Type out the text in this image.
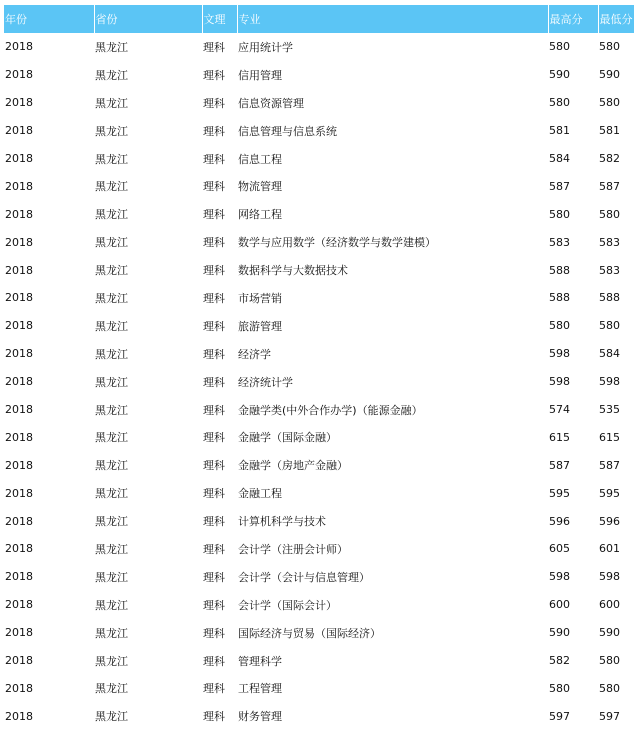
年份	省份	文理	专业	最高分	最低分
2018	黑龙江	理科	应用统计学	580	580
2018	黑龙江	理科	信用管理	590	590
2018	黑龙江	理科	信息资源管理	580	580
2018	黑龙江	理科	信息管理与信息系统	581	581
2018	黑龙江	理科	信息工程	584	582
2018	黑龙江	理科	物流管理	587	587
2018	黑龙江	理科	网络工程	580	580
2018	黑龙江	理科	数学与应用数学（经济数学与数学建模）	583	583
2018	黑龙江	理科	数据科学与大数据技术	588	583
2018	黑龙江	理科	市场营销	588	588
2018	黑龙江	理科	旅游管理	580	580
2018	黑龙江	理科	经济学	598	584
2018	黑龙江	理科	经济统计学	598	598
2018	黑龙江	理科	金融学类(中外合作办学)（能源金融）	574	535
2018	黑龙江	理科	金融学（国际金融）	615	615
2018	黑龙江	理科	金融学（房地产金融）	587	587
2018	黑龙江	理科	金融工程	595	595
2018	黑龙江	理科	计算机科学与技术	596	596
2018	黑龙江	理科	会计学（注册会计师）	605	601
2018	黑龙江	理科	会计学（会计与信息管理）	598	598
2018	黑龙江	理科	会计学（国际会计）	600	600
2018	黑龙江	理科	国际经济与贸易（国际经济）	590	590
2018	黑龙江	理科	管理科学	582	580
2018	黑龙江	理科	工程管理	580	580
2018	黑龙江	理科	财务管理	597	597
